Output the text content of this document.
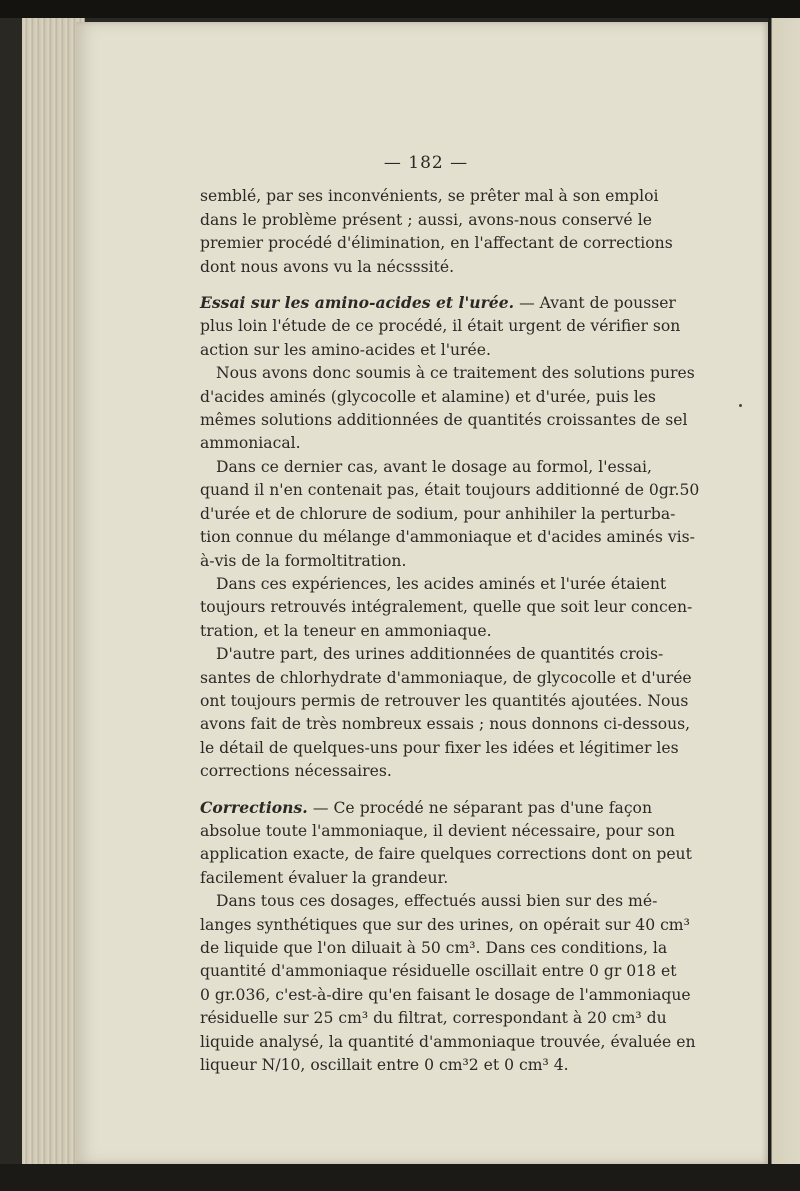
— 182 —
semblé, par ses inconvénients, se prêter mal à son emploi
dans le problème présent ; aussi, avons-nous conservé le
premier procédé d'élimination, en l'affectant de corrections
dont nous avons vu la nécsssité.
Essai sur les amino-acides et l'urée. — Avant de pousser
plus loin l'étude de ce procédé, il était urgent de vérifier son
action sur les amino-acides et l'urée.
Nous avons donc soumis à ce traitement des solutions pures
d'acides aminés (glycocolle et alamine) et d'urée, puis les
mêmes solutions additionnées de quantités croissantes de sel
ammoniacal.
Dans ce dernier cas, avant le dosage au formol, l'essai,
quand il n'en contenait pas, était toujours additionné de 0gr.50
d'urée et de chlorure de sodium, pour anhihiler la perturba-
tion connue du mélange d'ammoniaque et d'acides aminés vis-
à-vis de la formoltitration.
Dans ces expériences, les acides aminés et l'urée étaient
toujours retrouvés intégralement, quelle que soit leur concen-
tration, et la teneur en ammoniaque.
D'autre part, des urines additionnées de quantités crois-
santes de chlorhydrate d'ammoniaque, de glycocolle et d'urée
ont toujours permis de retrouver les quantités ajoutées. Nous
avons fait de très nombreux essais ; nous donnons ci-dessous,
le détail de quelques-uns pour fixer les idées et légitimer les
corrections nécessaires.
Corrections. — Ce procédé ne séparant pas d'une façon
absolue toute l'ammoniaque, il devient nécessaire, pour son
application exacte, de faire quelques corrections dont on peut
facilement évaluer la grandeur.
Dans tous ces dosages, effectués aussi bien sur des mé-
langes synthétiques que sur des urines, on opérait sur 40 cm³
de liquide que l'on diluait à 50 cm³. Dans ces conditions, la
quantité d'ammoniaque résiduelle oscillait entre 0 gr 018 et
0 gr.036, c'est-à-dire qu'en faisant le dosage de l'ammoniaque
résiduelle sur 25 cm³ du filtrat, correspondant à 20 cm³ du
liquide analysé, la quantité d'ammoniaque trouvée, évaluée en
liqueur N/10, oscillait entre 0 cm³2 et 0 cm³ 4.
